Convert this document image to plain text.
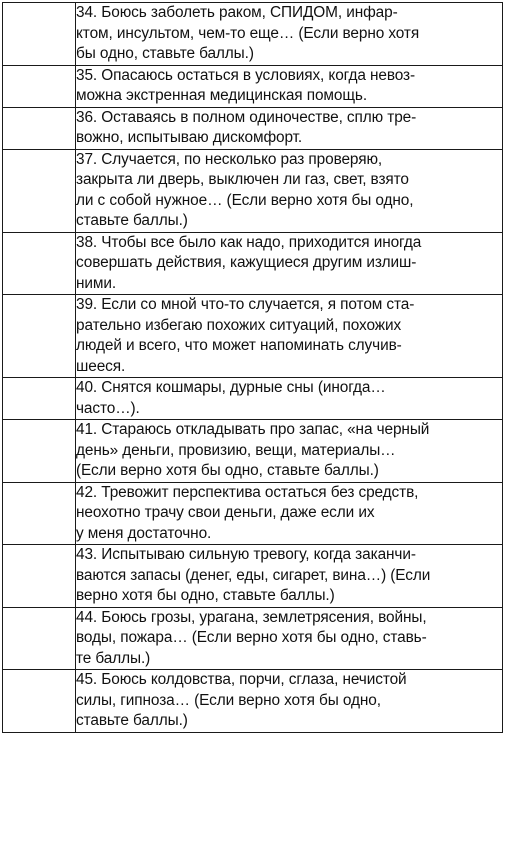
	34. Боюсь заболеть раком, СПИДОМ, инфар-
ктом, инсультом, чем-то еще… (Если верно хотя
бы одно, ставьте баллы.)

	35. Опасаюсь остаться в условиях, когда невоз-
можна экстренная медицинская помощь.

	36. Оставаясь в полном одиночестве, сплю тре-
вожно, испытываю дискомфорт.

	37. Случается, по несколько раз проверяю,
закрыта ли дверь, выключен ли газ, свет, взято
ли с собой нужное… (Если верно хотя бы одно,
ставьте баллы.)

	38. Чтобы все было как надо, приходится иногда
совершать действия, кажущиеся другим излиш-
ними.

	39. Если со мной что-то случается, я потом ста-
рательно избегаю похожих ситуаций, похожих
людей и всего, что может напоминать случив-
шееся.

	40. Снятся кошмары, дурные сны (иногда…
часто…).

	41. Стараюсь откладывать про запас, «на черный
день» деньги, провизию, вещи, материалы…
(Если верно хотя бы одно, ставьте баллы.)

	42. Тревожит перспектива остаться без средств,
неохотно трачу свои деньги, даже если их
у меня достаточно.

	43. Испытываю сильную тревогу, когда заканчи-
ваются запасы (денег, еды, сигарет, вина…) (Если
верно хотя бы одно, ставьте баллы.)

	44. Боюсь грозы, урагана, землетрясения, войны,
воды, пожара… (Если верно хотя бы одно, ставь-
те баллы.)

	45. Боюсь колдовства, порчи, сглаза, нечистой
силы, гипноза… (Если верно хотя бы одно,
ставьте баллы.)
